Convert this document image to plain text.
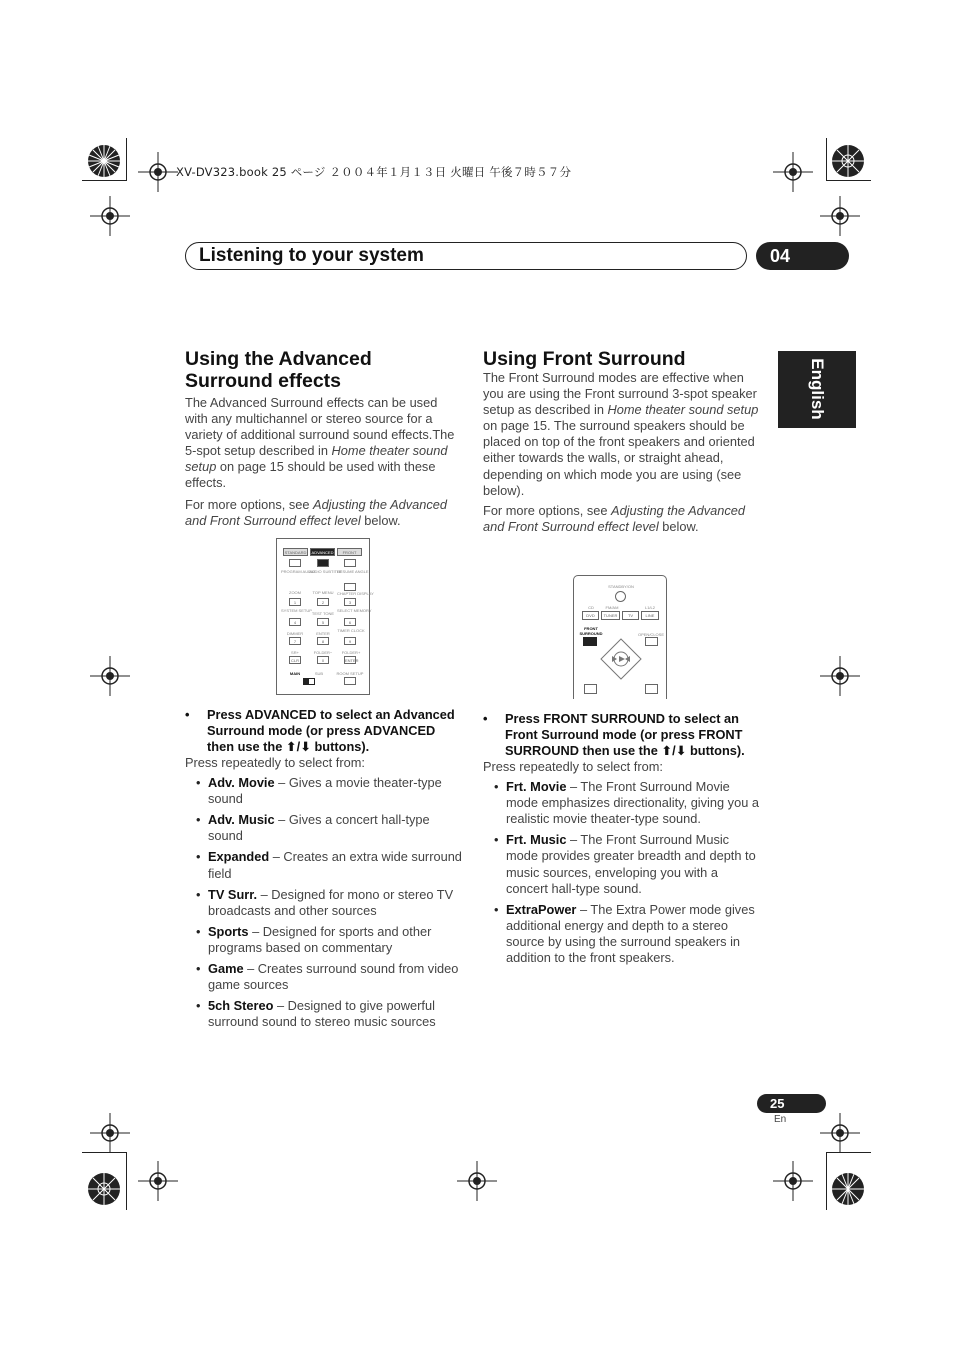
XV-DV323.book 25 ページ ２００４年１月１３日 火曜日 午後７時５７分
Listening to your system	04
English
Using the Advanced Surround effects

The Advanced Surround effects can be used with any multichannel or stereo source for a variety of additional surround sound effects.The 5-spot setup described in Home theater sound setup on page 15 should be used with these effects.

For more options, see Adjusting the Advanced and Front Surround effect level below.

STANDARD	ADVANCED	FRONT
PROGRAM AUDIO
AUDIO SUBTITLE
RESUME ANGLE
ZOOM	TOP MENU CHAPTER DISPLAY
1	2	3
SYSTEM SETUP
TEST TONE
SELECT MEMORY
4	5	6
DIMMER	ENTER
TIMER CLOCK
7	8	9
SR+	FOLDER−	FOLDER+
CLR	0	ENTER
MAIN	SUB	ROOM SETUP
• Press ADVANCED to select an Advanced Surround mode (or press ADVANCED then use the ⬆/⬇ buttons).

Press repeatedly to select from:

• Adv. Movie – Gives a movie theater-type sound
• Adv. Music – Gives a concert hall-type sound
• Expanded – Creates an extra wide surround field
• TV Surr. – Designed for mono or stereo TV broadcasts and other sources
• Sports – Designed for sports and other programs based on commentary
• Game – Creates surround sound from video game sources
• 5ch Stereo – Designed to give powerful surround sound to stereo music sources
Using Front Surround

The Front Surround modes are effective when you are using the Front surround 3-spot speaker setup as described in Home theater sound setup on page 15. The surround speakers should be placed on top of the front speakers and oriented either towards the walls, or straight ahead, depending on which mode you are using (see below).

For more options, see Adjusting the Advanced and Front Surround effect level below.

STANDBY/ON
CD	FM/AM	L1/L2
DVD	TUNER	TV	LINE
FRONT SURROUND	OPEN/CLOSE
• Press FRONT SURROUND to select an Front Surround mode (or press FRONT SURROUND then use the ⬆/⬇ buttons).

Press repeatedly to select from:

• Frt. Movie – The Front Surround Movie mode emphasizes directionality, giving you a realistic movie theater-type sound.
• Frt. Music – The Front Surround Music mode provides greater breadth and depth to music sources, enveloping you with a concert hall-type sound.
• ExtraPower – The Extra Power mode gives additional energy and depth to a stereo source by using the surround speakers in addition to the front speakers.
25
En
